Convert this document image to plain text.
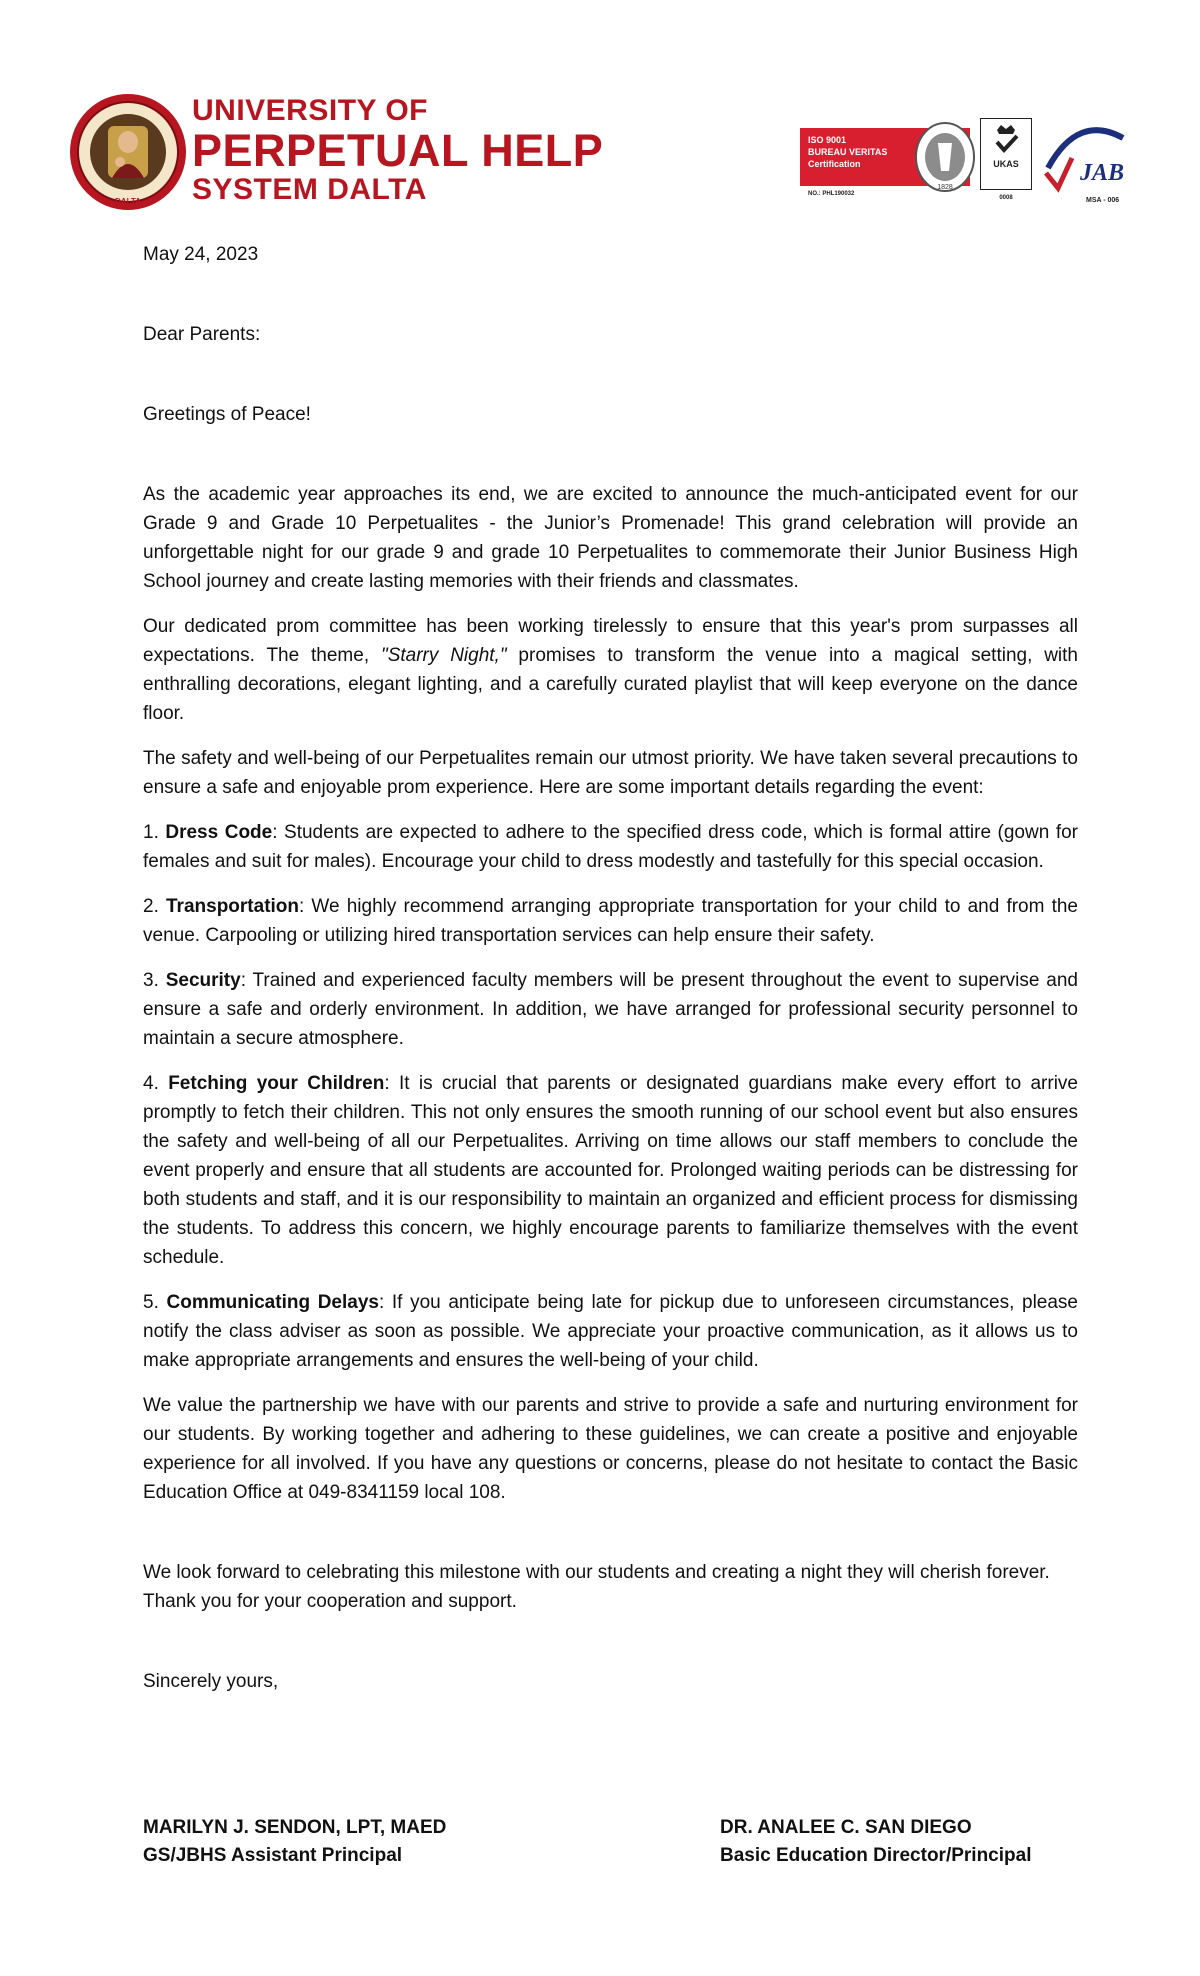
DALTA
UNIVERSITY OF
PERPETUAL HELP
SYSTEM DALTA
ISO 9001
BUREAU VERITAS
Certification
NO.: PHL190032
1828
UKAS
0008
JAB
MSA - 006

May 24, 2023

Dear Parents:

Greetings of Peace!

As the academic year approaches its end, we are excited to announce the much-anticipated event for our Grade 9 and Grade 10 Perpetualites - the Junior’s Promenade! This grand celebration will provide an unforgettable night for our grade 9 and grade 10 Perpetualites to commemorate their Junior Business High School journey and create lasting memories with their friends and classmates.

Our dedicated prom committee has been working tirelessly to ensure that this year's prom surpasses all expectations. The theme, "Starry Night," promises to transform the venue into a magical setting, with enthralling decorations, elegant lighting, and a carefully curated playlist that will keep everyone on the dance floor.

The safety and well-being of our Perpetualites remain our utmost priority. We have taken several precautions to ensure a safe and enjoyable prom experience. Here are some important details regarding the event:

1. Dress Code: Students are expected to adhere to the specified dress code, which is formal attire (gown for females and suit for males). Encourage your child to dress modestly and tastefully for this special occasion.

2. Transportation: We highly recommend arranging appropriate transportation for your child to and from the venue. Carpooling or utilizing hired transportation services can help ensure their safety.

3. Security: Trained and experienced faculty members will be present throughout the event to supervise and ensure a safe and orderly environment. In addition, we have arranged for professional security personnel to maintain a secure atmosphere.

4. Fetching your Children: It is crucial that parents or designated guardians make every effort to arrive promptly to fetch their children. This not only ensures the smooth running of our school event but also ensures the safety and well-being of all our Perpetualites. Arriving on time allows our staff members to conclude the event properly and ensure that all students are accounted for. Prolonged waiting periods can be distressing for both students and staff, and it is our responsibility to maintain an organized and efficient process for dismissing the students. To address this concern, we highly encourage parents to familiarize themselves with the event schedule.

5. Communicating Delays: If you anticipate being late for pickup due to unforeseen circumstances, please notify the class adviser as soon as possible. We appreciate your proactive communication, as it allows us to make appropriate arrangements and ensures the well-being of your child.

We value the partnership we have with our parents and strive to provide a safe and nurturing environment for our students. By working together and adhering to these guidelines, we can create a positive and enjoyable experience for all involved. If you have any questions or concerns, please do not hesitate to contact the Basic Education Office at 049-8341159 local 108.

We look forward to celebrating this milestone with our students and creating a night they will cherish forever. Thank you for your cooperation and support.

Sincerely yours,

MARILYN J. SENDON, LPT, MAED
GS/JBHS Assistant Principal
DR. ANALEE C. SAN DIEGO
Basic Education Director/Principal
